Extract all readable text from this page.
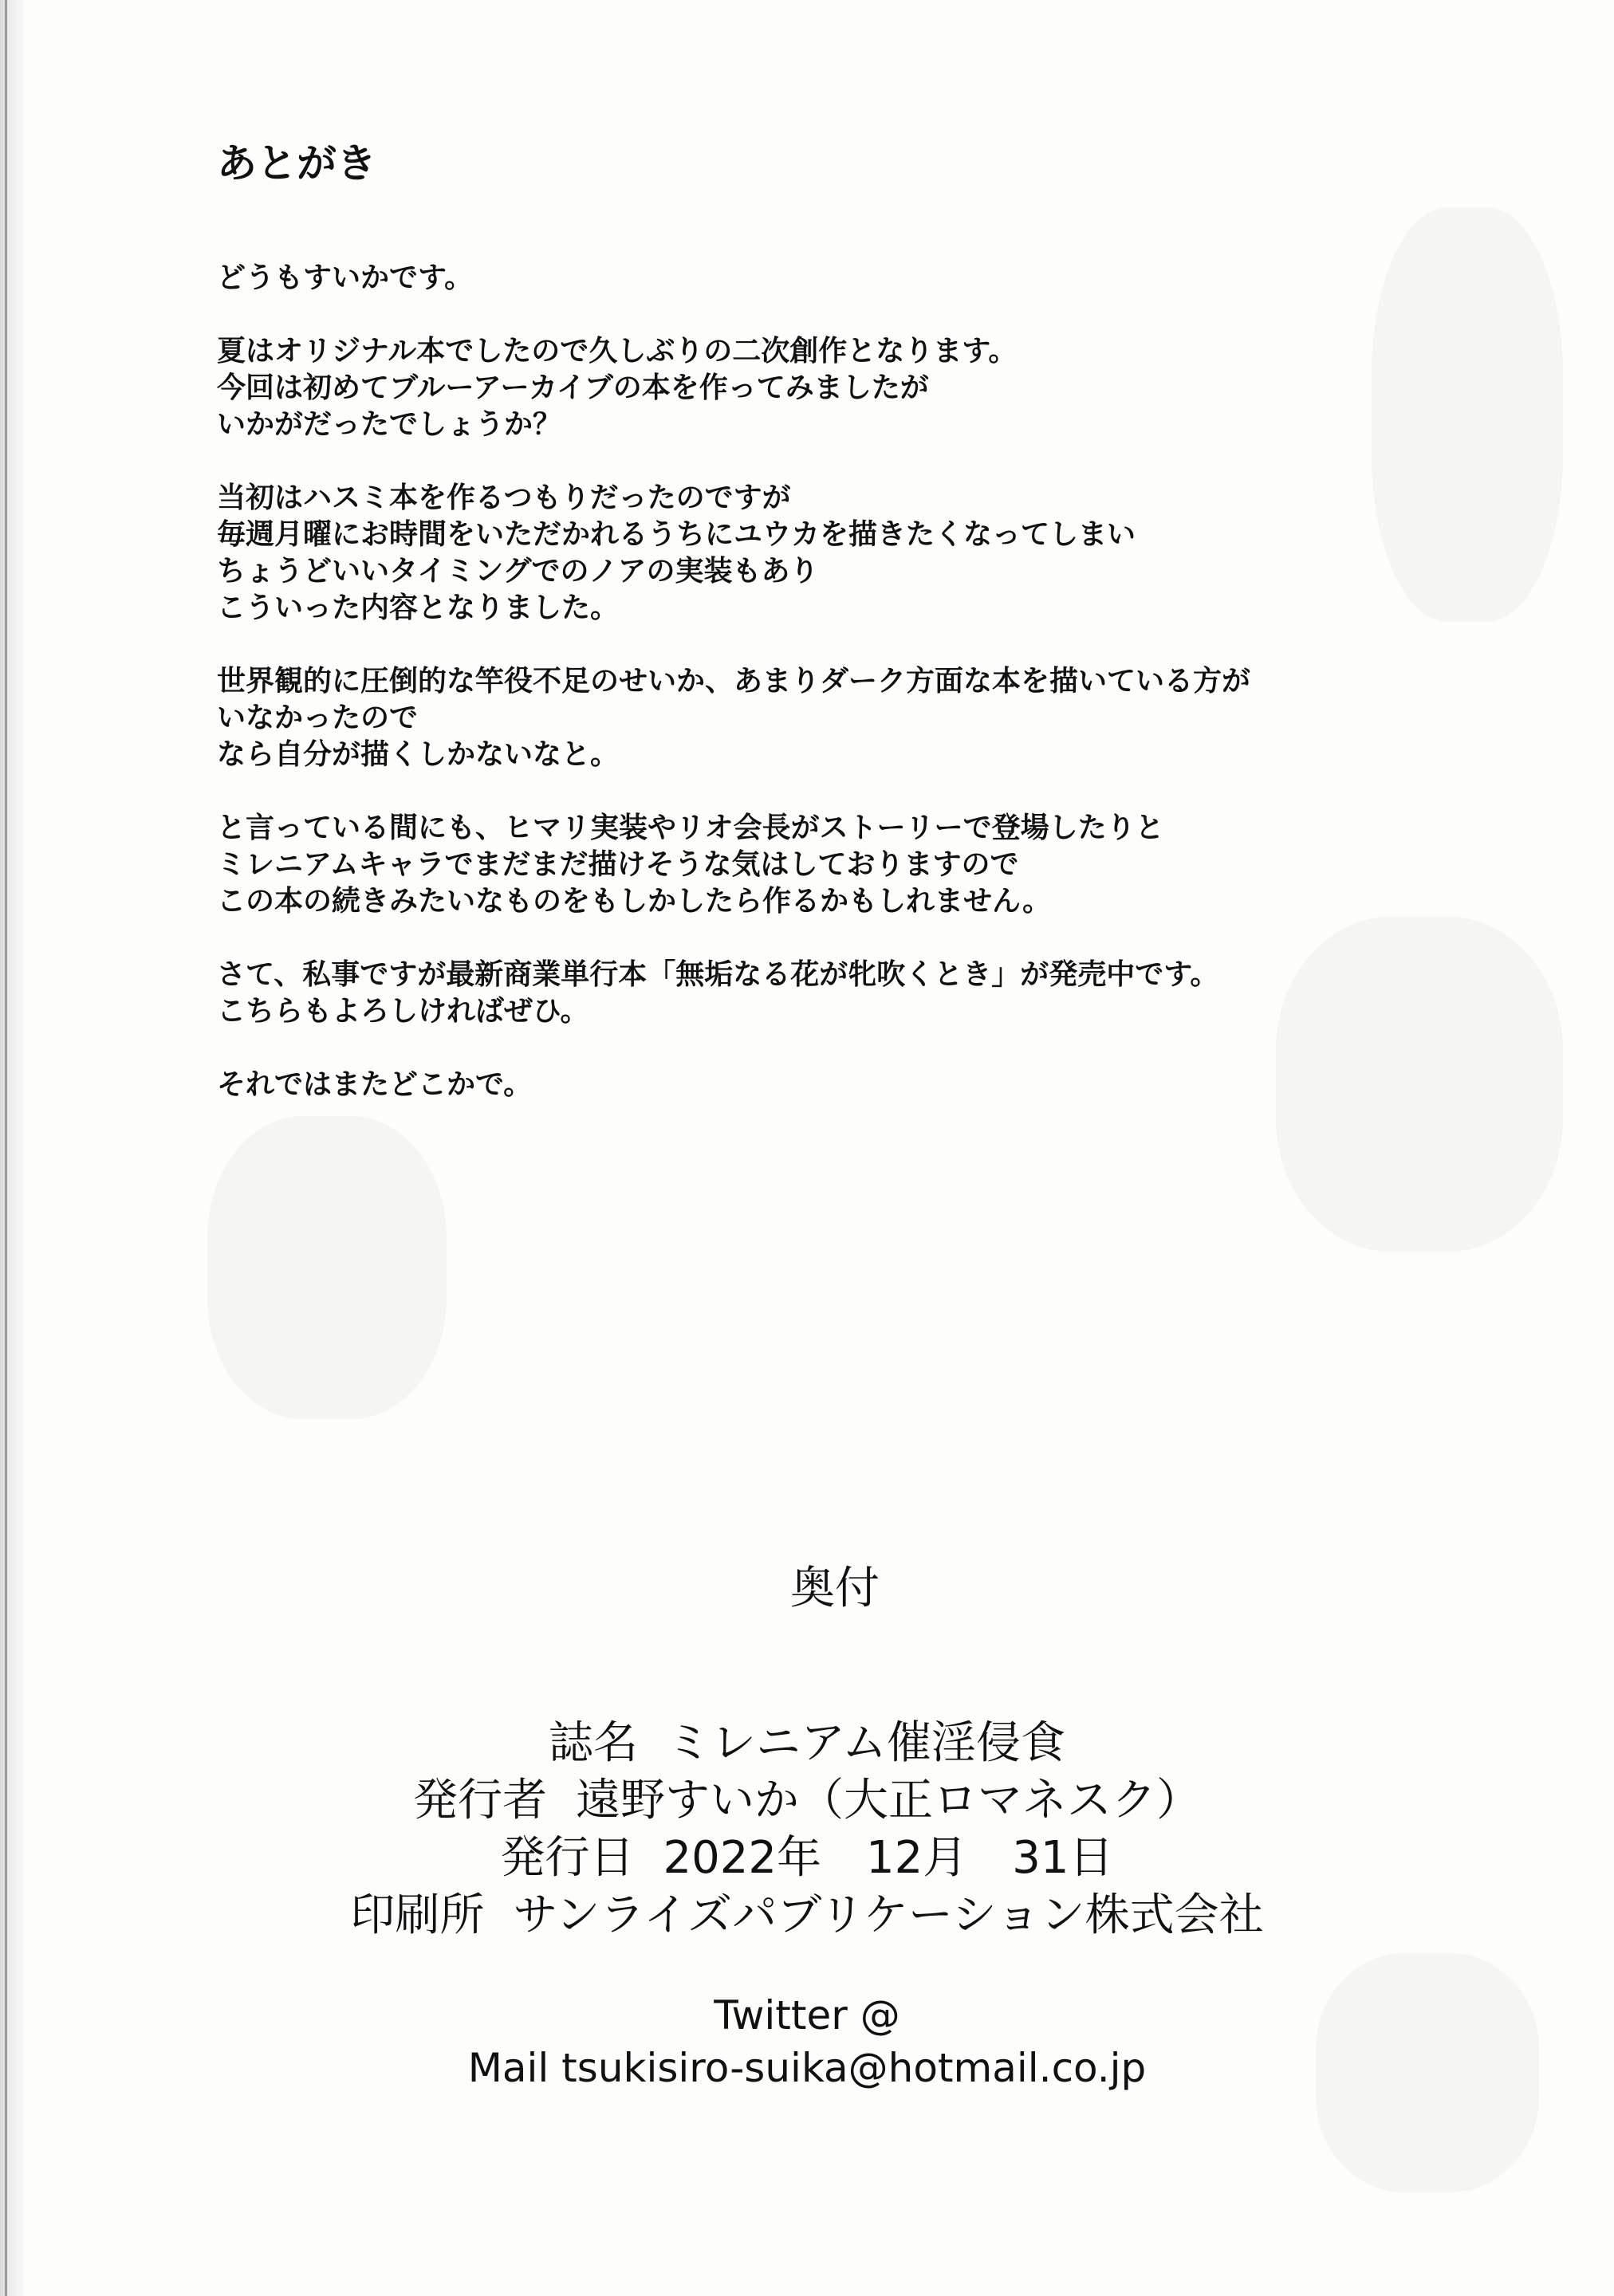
あとがき
どうもすいかです。
夏はオリジナル本でしたので久しぶりの二次創作となります。
今回は初めてブルーアーカイブの本を作ってみましたが
いかがだったでしょうか？
当初はハスミ本を作るつもりだったのですが
毎週月曜にお時間をいただかれるうちにユウカを描きたくなってしまい
ちょうどいいタイミングでのノアの実装もあり
こういった内容となりました。
世界観的に圧倒的な竿役不足のせいか、あまりダーク方面な本を描いている方が
いなかったので
なら自分が描くしかないなと。
と言っている間にも、ヒマリ実装やリオ会長がストーリーで登場したりと
ミレニアムキャラでまだまだ描けそうな気はしておりますので
この本の続きみたいなものをもしかしたら作るかもしれません。
さて、私事ですが最新商業単行本「無垢なる花が牝吹くとき」が発売中です。
こちらもよろしければぜひ。
それではまたどこかで。
奥付
誌名 ミレニアム催淫侵食
発行者 遠野すいか（大正ロマネスク）
発行日 2022年　12月　31日
印刷所 サンライズパブリケーション株式会社
Twitter @
Mail tsukisiro-suika@hotmail.co.jp
